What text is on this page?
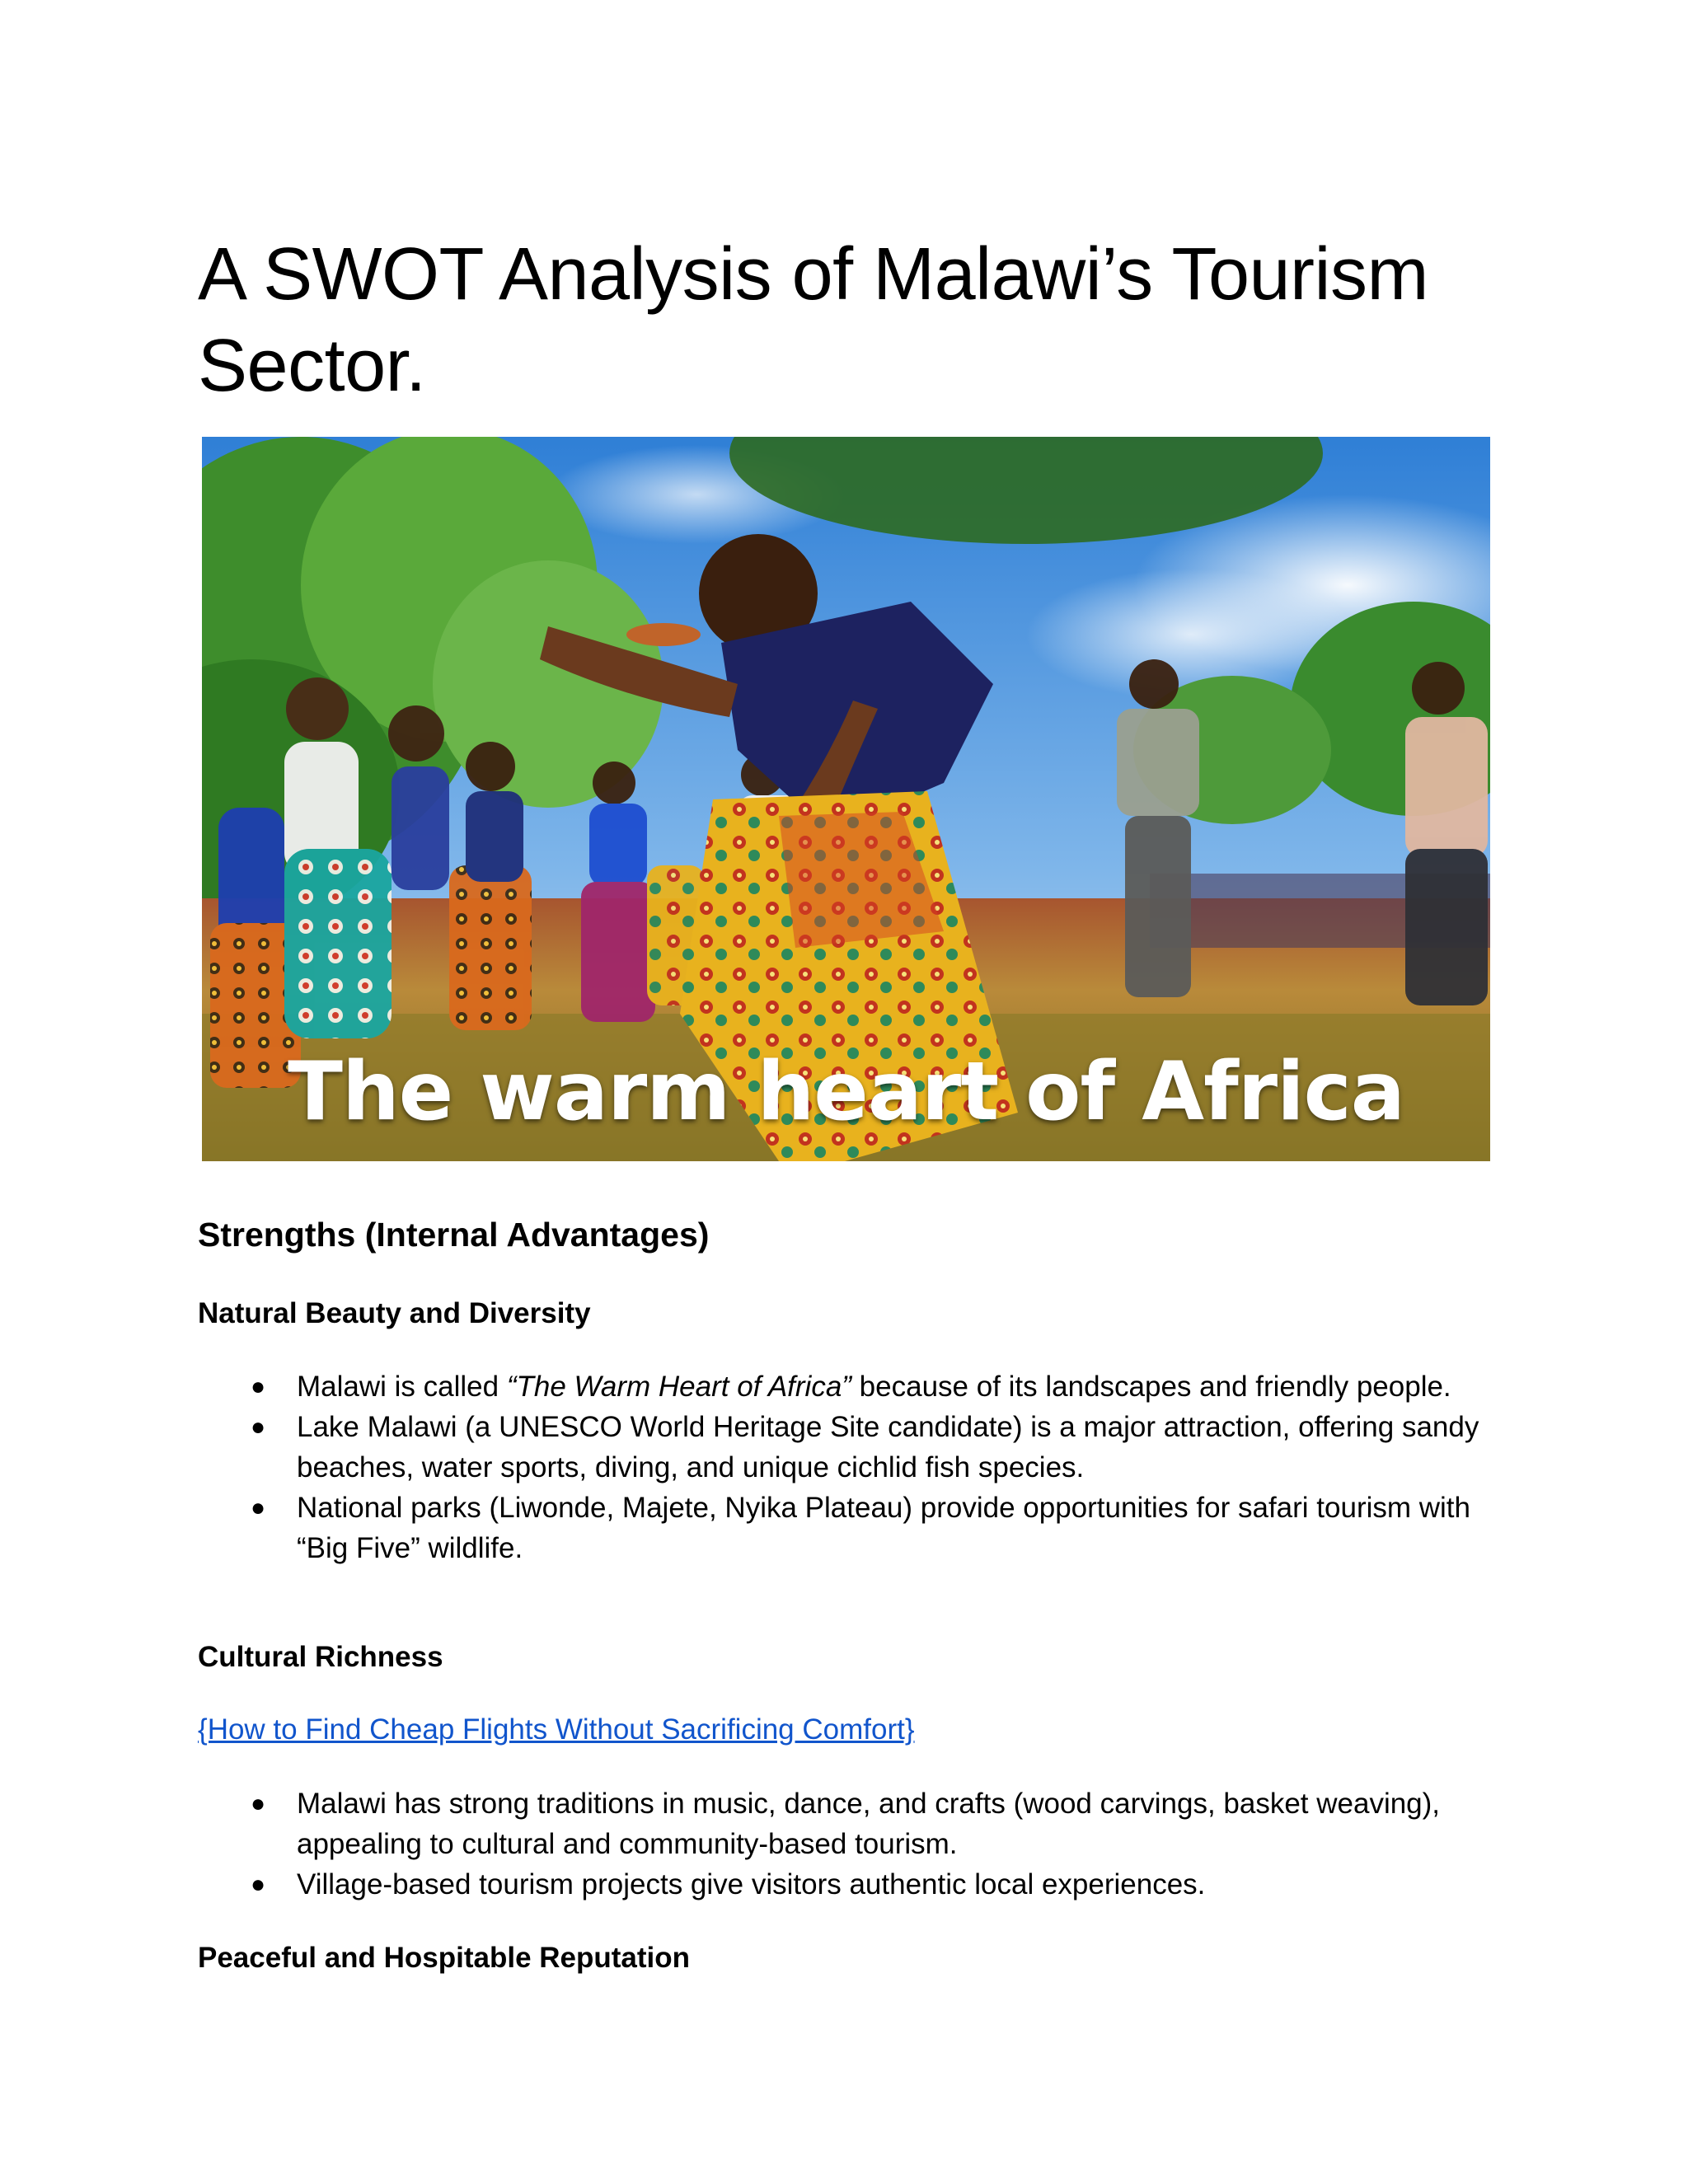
A SWOT Analysis of Malawi’s Tourism Sector.
The warm heart of Africa
Strengths (Internal Advantages)
Natural Beauty and Diversity
● Malawi is called “The Warm Heart of Africa” because of its landscapes and friendly people.
● Lake Malawi (a UNESCO World Heritage Site candidate) is a major attraction, offering sandy beaches, water sports, diving, and unique cichlid fish species.
● National parks (Liwonde, Majete, Nyika Plateau) provide opportunities for safari tourism with “Big Five” wildlife.
Cultural Richness
{How to Find Cheap Flights Without Sacrificing Comfort}
● Malawi has strong traditions in music, dance, and crafts (wood carvings, basket weaving), appealing to cultural and community-based tourism.
● Village-based tourism projects give visitors authentic local experiences.
Peaceful and Hospitable Reputation
